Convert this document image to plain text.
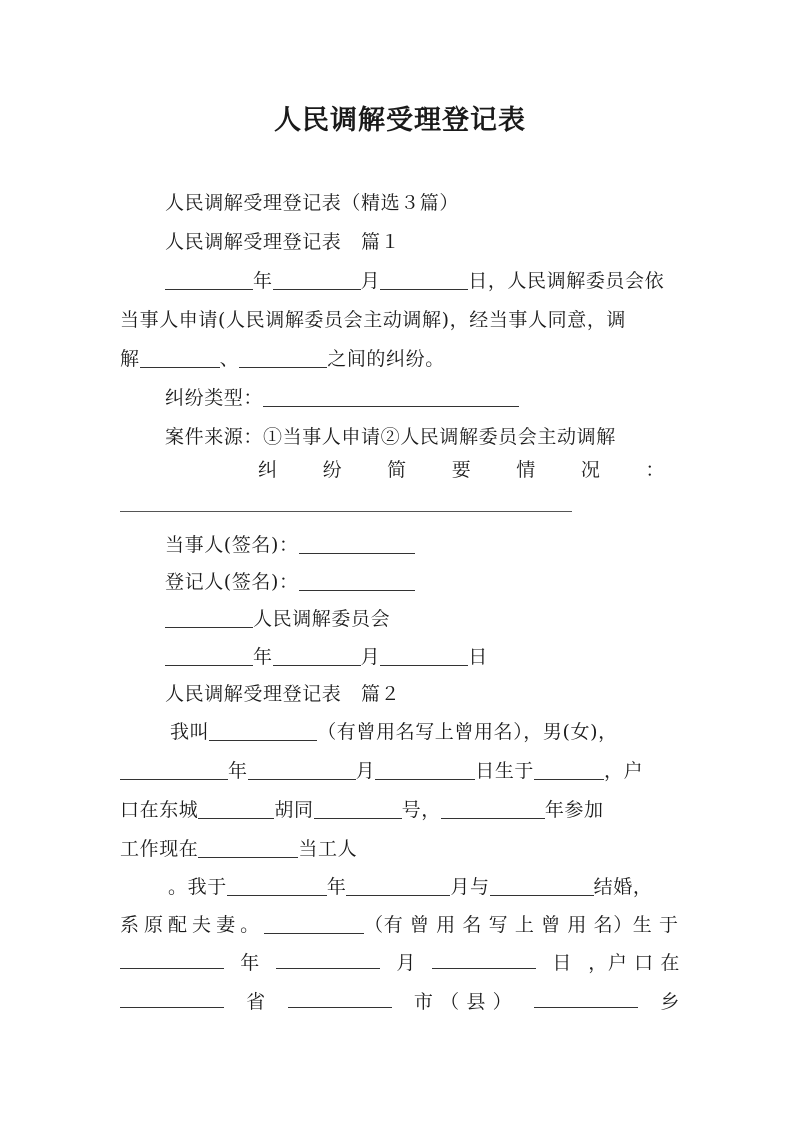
人民调解受理登记表
人民调解受理登记表（精选３篇）
人民调解受理登记表　篇１
年	月	日，人民调解委员会依
当事人申请(人民调解委员会主动调解)，经当事人同意，调
解	、	之间的纠纷。
纠纷类型：
案件来源：①当事人申请②人民调解委员会主动调解
纠 纷 简 要 情 况 ：
当事人(签名)：
登记人(签名)：
人民调解委员会
年	月	日
人民调解受理登记表　篇２
我叫	（有曾用名写上曾用名），男(女)，
年	月	日生于	，户
口在东城	胡同	号，	年参加
工作现在	当工人
。我于	年	月与	结婚，
系原配夫妻。	（有 曾 用 名 写 上 曾 用 名）生 于
年	月	日 ，户 口 在
省	市 （ 县 ）	乡
